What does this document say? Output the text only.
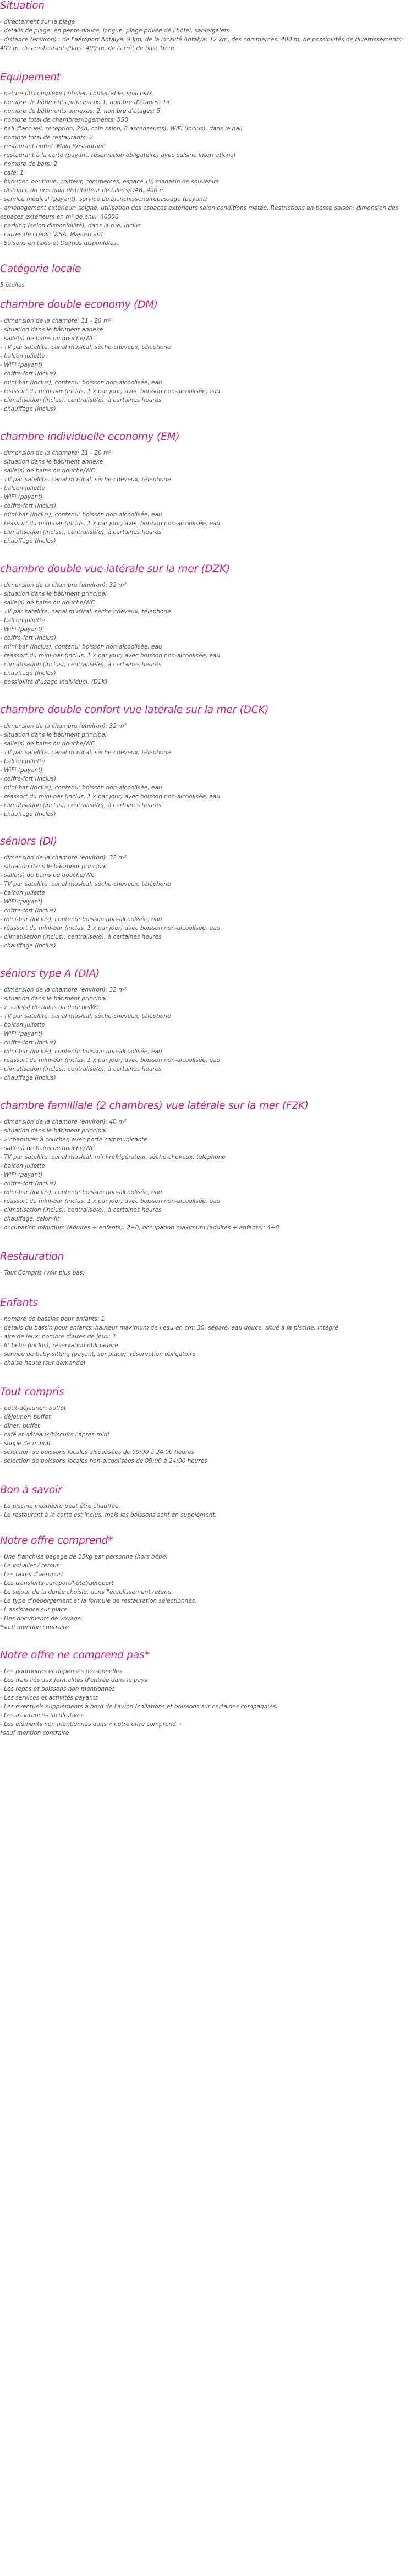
Situation
- directement sur la plage
- details de plage: en pente douce, longue, plage privée de l'hôtel, sable/galets
- distance (environ) : de l'aéroport Antalya: 9 km, de la localité Antalya: 12 km, des commerces: 400 m, de possibilités de divertissements: 400 m, des restaurants/bars: 400 m, de l'arrêt de bus: 10 m
Equipement
- nature du complexe hôtelier: confortable, spacieux
- nombre de bâtiments principaux: 1, nombre d'étages: 13
- nombre de bâtiments annexes: 2, nombre d'étages: 5
- nombre total de chambres/logements: 550
- hall d'accueil, réception, 24h, coin salon, 8 ascenseur(s), WiFi (inclus), dans le hall
- nombre total de restaurants: 2
- restaurant buffet 'Main Restaurant'
- restaurant à la carte (payant, réservation obligatoire) avec cuisine international
- nombre de bars: 2
- café: 1
- bijoutier, boutique, coiffeur, commerces, espace TV, magasin de souvenirs
- distance du prochain distributeur de billets/DAB: 400 m
- service médical (payant), service de blanchisserie/repassage (payant)
- aménagement extérieur: soigné, utilisation des espaces extérieurs selon conditions météo. Restrictions en basse saison; dimension des espaces extérieurs en m² de env.: 40000
- parking (selon disponibilité), dans la rue, inclus
- cartes de crédit: VISA, Mastercard
- Saisons en taxis et Dolmus disponibles.
Catégorie locale
5 étoiles
chambre double economy (DM)
- dimension de la chambre: 11 - 20 m²
- situation dans le bâtiment annexe
- salle(s) de bains ou douche/WC
- TV par satellite, canal musical, sèche-cheveux, téléphone
- balcon juliette
- WiFi (payant)
- coffre-fort (inclus)
- mini-bar (inclus), contenu: boisson non-alcoolisée, eau
- réassort du mini-bar (inclus, 1 x par jour) avec boisson non-alcoolisée, eau
- climatisation (inclus), centralisé(e), à certaines heures
- chauffage (inclus)
chambre individuelle economy (EM)
- dimension de la chambre: 11 - 20 m²
- situation dans le bâtiment annexe
- salle(s) de bains ou douche/WC
- TV par satellite, canal musical, sèche-cheveux, téléphone
- balcon juliette
- WiFi (payant)
- coffre-fort (inclus)
- mini-bar (inclus), contenu: boisson non-alcoolisée, eau
- réassort du mini-bar (inclus, 1 x par jour) avec boisson non-alcoolisée, eau
- climatisation (inclus), centralisé(e), à certaines heures
- chauffage (inclus)
chambre double vue latérale sur la mer (DZK)
- dimension de la chambre (environ): 32 m²
- situation dans le bâtiment principal
- salle(s) de bains ou douche/WC
- TV par satellite, canal musical, sèche-cheveux, téléphone
- balcon juliette
- WiFi (payant)
- coffre-fort (inclus)
- mini-bar (inclus), contenu: boisson non-alcoolisée, eau
- réassort du mini-bar (inclus, 1 x par jour) avec boisson non-alcoolisée, eau
- climatisation (inclus), centralisé(e), à certaines heures
- chauffage (inclus)
- possibilité d'usage individuel. (D1K)
chambre double confort vue latérale sur la mer (DCK)
- dimension de la chambre (environ): 32 m²
- situation dans le bâtiment principal
- salle(s) de bains ou douche/WC
- TV par satellite, canal musical, sèche-cheveux, téléphone
- balcon juliette
- WiFi (payant)
- coffre-fort (inclus)
- mini-bar (inclus), contenu: boisson non-alcoolisée, eau
- réassort du mini-bar (inclus, 1 x par jour) avec boisson non-alcoolisée, eau
- climatisation (inclus), centralisé(e), à certaines heures
- chauffage (inclus)
séniors (DI)
- dimension de la chambre (environ): 32 m²
- situation dans le bâtiment principal
- salle(s) de bains ou douche/WC
- TV par satellite, canal musical, sèche-cheveux, téléphone
- balcon juliette
- WiFi (payant)
- coffre-fort (inclus)
- mini-bar (inclus), contenu: boisson non-alcoolisée, eau
- réassort du mini-bar (inclus, 1 x par jour) avec boisson non-alcoolisée, eau
- climatisation (inclus), centralisé(e), à certaines heures
- chauffage (inclus)
séniors type A (DIA)
- dimension de la chambre (environ): 32 m²
- situation dans le bâtiment principal
- 2 salle(s) de bains ou douche/WC
- TV par satellite, canal musical, sèche-cheveux, téléphone
- balcon juliette
- WiFi (payant)
- coffre-fort (inclus)
- mini-bar (inclus), contenu: boisson non-alcoolisée, eau
- réassort du mini-bar (inclus, 1 x par jour) avec boisson non-alcoolisée, eau
- climatisation (inclus), centralisé(e), à certaines heures
- chauffage (inclus)
chambre familliale (2 chambres) vue latérale sur la mer (F2K)
- dimension de la chambre (environ): 40 m²
- situation dans le bâtiment principal
- 2 chambres à coucher, avec porte communicante
- salle(s) de bains ou douche/WC
- TV par satellite, canal musical, mini-réfrigérateur, sèche-cheveux, téléphone
- balcon juliette
- WiFi (payant)
- coffre-fort (inclus)
- mini-bar (inclus), contenu: boisson non-alcoolisée, eau
- réassort du mini-bar (inclus, 1 x par jour) avec boisson non-alcoolisée, eau
- climatisation (inclus), centralisé(e), à certaines heures
- chauffage, salon-lit
- occupation minimum (adultes + enfants): 2+0, occupation maximum (adultes + enfants): 4+0
Restauration
- Tout Compris (voir plus bas)
Enfants
- nombre de bassins pour enfants: 1
- détails du bassin pour enfants: hauteur maximum de l'eau en cm: 30, séparé, eau douce, situé à la piscine, intégré
- aire de jeux: nombre d'aires de jeux: 1
- lit bébé (inclus), réservation obligatoire
- service de baby-sitting (payant, sur place), réservation obligatoire
- chaise haute (sur demande)
Tout compris
- petit-déjeuner: buffet
- déjeuner: buffet
- dîner: buffet
- café et gâteaux/biscuits l'après-midi
- soupe de minuit
- sélection de boissons locales alcoolisées de 09:00 à 24:00 heures
- sélection de boissons locales non-alcoolisées de 09:00 à 24:00 heures
Bon à savoir
- La piscine intérieure peut être chauffée.
- Le restaurant à la carte est inclus, mais les boissons sont en supplément.
Notre offre comprend*
- Une franchise bagage de 15kg par personne (hors bébé)
- Le vol aller / retour
- Les taxes d'aéroport
- Les transferts aéroport/hôtel/aéroport
- Le séjour de la durée choisie, dans l'établissement retenu.
- Le type d'hébergement et la formule de restauration sélectionnés.
- L'assistance sur place.
- Des documents de voyage.
*sauf mention contraire
Notre offre ne comprend pas*
- Les pourboires et dépenses personnelles
- Les frais liés aux formalités d'entrée dans le pays
- Les repas et boissons non mentionnés
- Les services et activités payants
- Les éventuels suppléments à bord de l'avion (collations et boissons sur certaines compagnies)
- Les assurances facultatives
- Les éléments non mentionnés dans « notre offre comprend »
*sauf mention contraire
